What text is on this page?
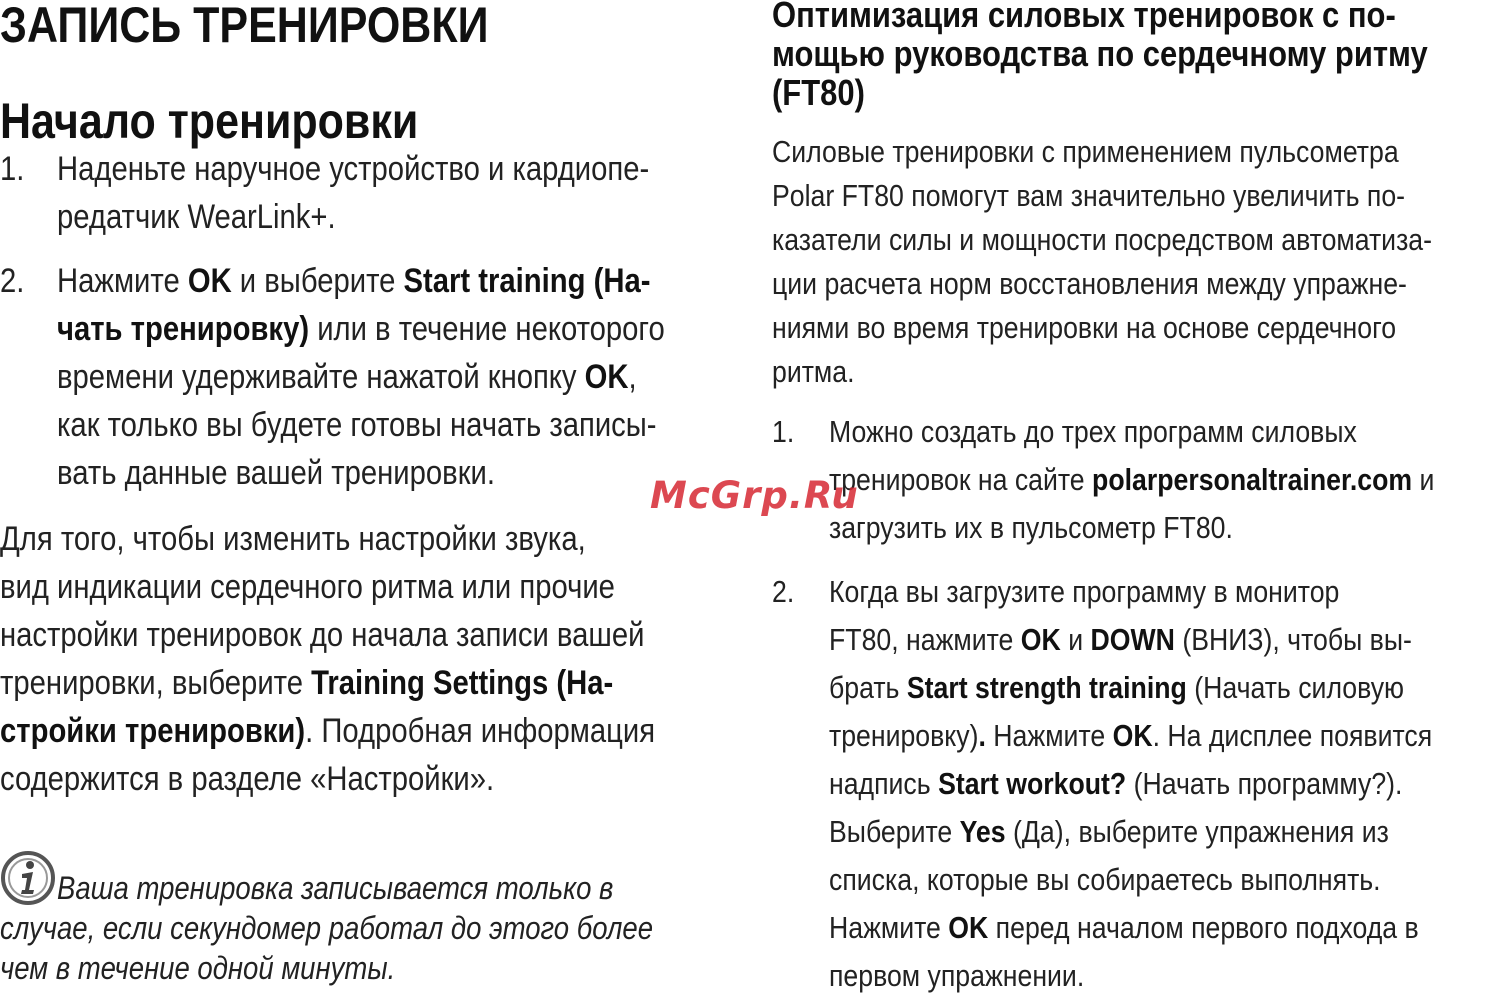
ЗАПИСЬ ТРЕНИРОВКИ
Начало тренировки
1. Наденьте наручное устройство и кардиопе-
редатчик WearLink+.
2. Нажмите OK и выберите Start training (На-
чать тренировку) или в течение некоторого
времени удерживайте нажатой кнопку OK,
как только вы будете готовы начать записы-
вать данные вашей тренировки.
Для того, чтобы изменить настройки звука,
вид индикации сердечного ритма или прочие
настройки тренировок до начала записи вашей
тренировки, выберите Training Settings (На-
стройки тренировки). Подробная информация
содержится в разделе «Настройки».
Ваша тренировка записывается только в
случае, если секундомер работал до этого более
чем в течение одной минуты.
Оптимизация силовых тренировок с по-
мощью руководства по сердечному ритму
(FT80)
Силовые тренировки с применением пульсометра
Polar FT80 помогут вам значительно увеличить по-
казатели силы и мощности посредством автоматиза-
ции расчета норм восстановления между упражне-
ниями во время тренировки на основе сердечного
ритма.
1. Можно создать до трех программ силовых
тренировок на сайте polarpersonaltrainer.com и
загрузить их в пульсометр FT80.
2. Когда вы загрузите программу в монитор
FT80, нажмите OK и DOWN (ВНИЗ), чтобы вы-
брать Start strength training (Начать силовую
тренировку). Нажмите OK. На дисплее появится
надпись Start workout? (Начать программу?).
Выберите Yes (Да), выберите упражнения из
списка, которые вы собираетесь выполнять.
Нажмите OK перед началом первого подхода в
первом упражнении.
McGrp.Ru
